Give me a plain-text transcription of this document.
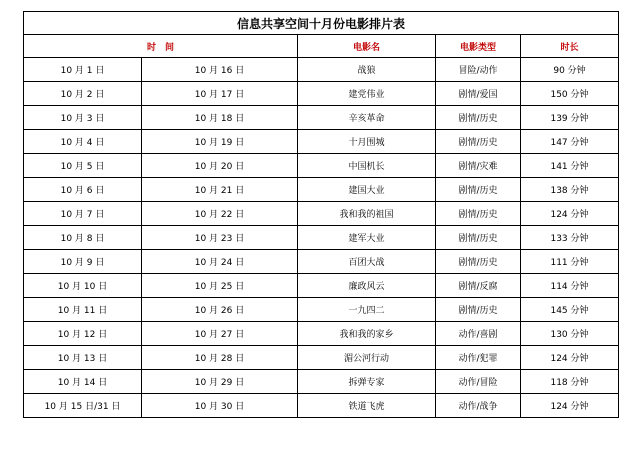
信息共享空间十月份电影排片表				
时　间		电影名	电影类型	时长
10 月 1 日	10 月 16 日	战狼	冒险/动作	90 分钟
10 月 2 日	10 月 17 日	建党伟业	剧情/爱国	150 分钟
10 月 3 日	10 月 18 日	辛亥革命	剧情/历史	139 分钟
10 月 4 日	10 月 19 日	十月围城	剧情/历史	147 分钟
10 月 5 日	10 月 20 日	中国机长	剧情/灾难	141 分钟
10 月 6 日	10 月 21 日	建国大业	剧情/历史	138 分钟
10 月 7 日	10 月 22 日	我和我的祖国	剧情/历史	124 分钟
10 月 8 日	10 月 23 日	建军大业	剧情/历史	133 分钟
10 月 9 日	10 月 24 日	百团大战	剧情/历史	111 分钟
10 月 10 日	10 月 25 日	廉政风云	剧情/反腐	114 分钟
10 月 11 日	10 月 26 日	一九四二	剧情/历史	145 分钟
10 月 12 日	10 月 27 日	我和我的家乡	动作/喜剧	130 分钟
10 月 13 日	10 月 28 日	湄公河行动	动作/犯罪	124 分钟
10 月 14 日	10 月 29 日	拆弹专家	动作/冒险	118 分钟
10 月 15 日/31 日	10 月 30 日	铁道飞虎	动作/战争	124 分钟
